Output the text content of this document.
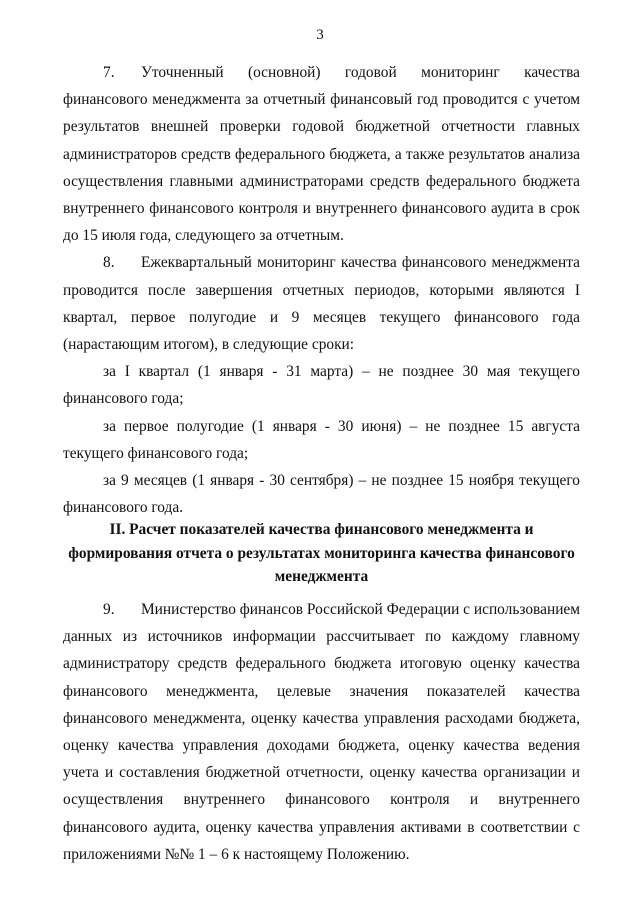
3

7. Уточненный (основной) годовой мониторинг качества финансового менеджмента за отчетный финансовый год проводится с учетом результатов внешней проверки годовой бюджетной отчетности главных администраторов средств федерального бюджета, а также результатов анализа осуществления главными администраторами средств федерального бюджета внутреннего финансового контроля и внутреннего финансового аудита в срок до 15 июля года, следующего за отчетным.

8. Ежеквартальный мониторинг качества финансового менеджмента проводится после завершения отчетных периодов, которыми являются I квартал, первое полугодие и 9 месяцев текущего финансового года (нарастающим итогом), в следующие сроки:

за I квартал (1 января - 31 марта) – не позднее 30 мая текущего финансового года;

за первое полугодие (1 января - 30 июня) – не позднее 15 августа текущего финансового года;

за 9 месяцев (1 января - 30 сентября) – не позднее 15 ноября текущего финансового года.

II. Расчет показателей качества финансового менеджмента и формирования отчета о результатах мониторинга качества финансового менеджмента

9. Министерство финансов Российской Федерации с использованием данных из источников информации рассчитывает по каждому главному администратору средств федерального бюджета итоговую оценку качества финансового менеджмента, целевые значения показателей качества финансового менеджмента, оценку качества управления расходами бюджета, оценку качества управления доходами бюджета, оценку качества ведения учета и составления бюджетной отчетности, оценку качества организации и осуществления внутреннего финансового контроля и внутреннего финансового аудита, оценку качества управления активами в соответствии с приложениями №№ 1 – 6 к настоящему Положению.
